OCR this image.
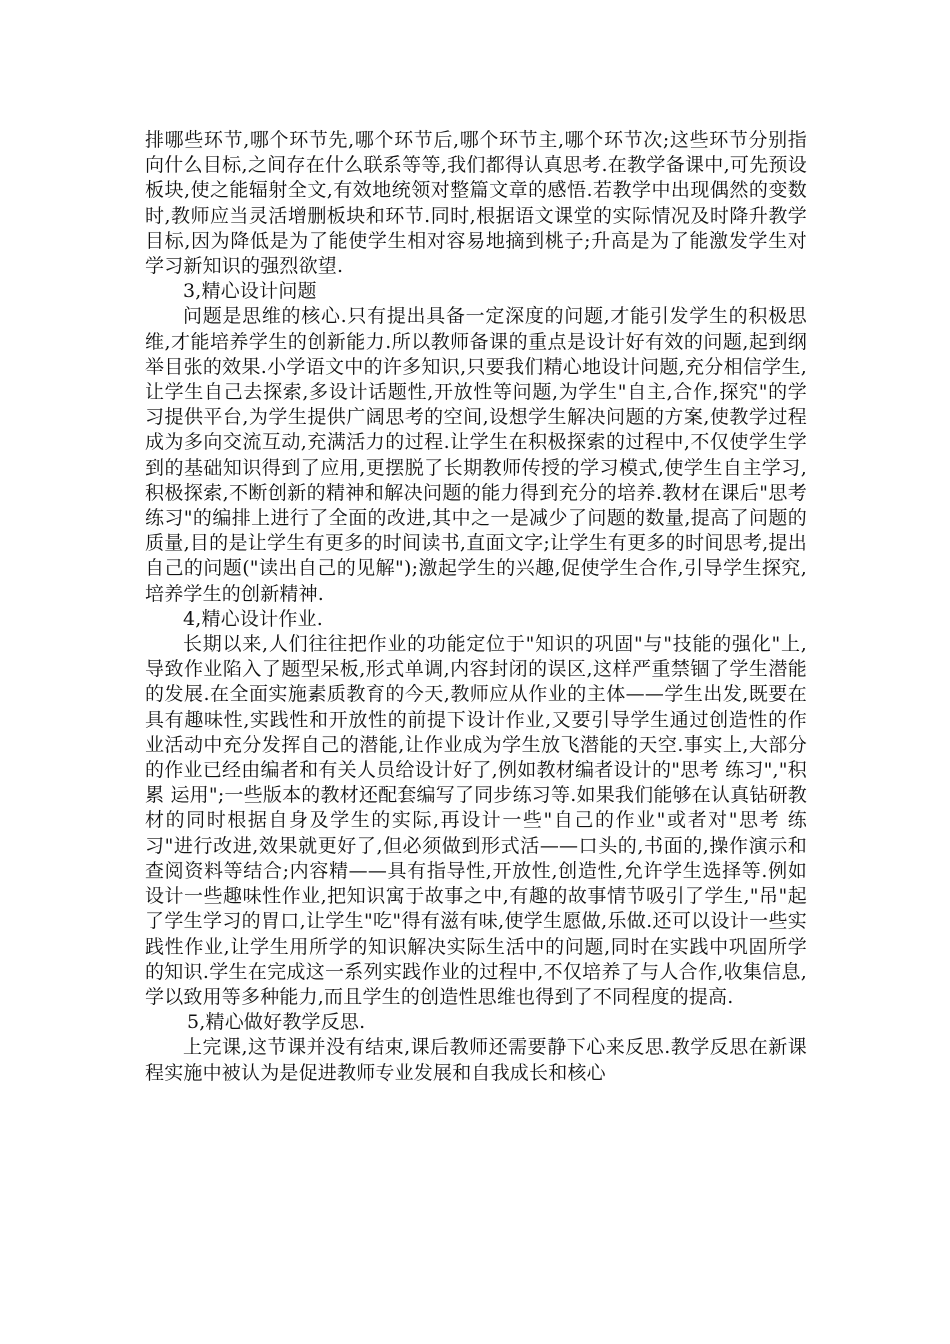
排哪些环节,哪个环节先,哪个环节后,哪个环节主,哪个环节次;这些环节分别指向什么目标,之间存在什么联系等等,我们都得认真思考.在教学备课中,可先预设板块,使之能辐射全文,有效地统领对整篇文章的感悟.若教学中出现偶然的变数时,教师应当灵活增删板块和环节.同时,根据语文课堂的实际情况及时降升教学目标,因为降低是为了能使学生相对容易地摘到桃子;升高是为了能激发学生对学习新知识的强烈欲望.

3,精心设计问题

问题是思维的核心.只有提出具备一定深度的问题,才能引发学生的积极思维,才能培养学生的创新能力.所以教师备课的重点是设计好有效的问题,起到纲举目张的效果.小学语文中的许多知识,只要我们精心地设计问题,充分相信学生,让学生自己去探索,多设计话题性,开放性等问题,为学生"自主,合作,探究"的学习提供平台,为学生提供广阔思考的空间,设想学生解决问题的方案,使教学过程成为多向交流互动,充满活力的过程.让学生在积极探索的过程中,不仅使学生学到的基础知识得到了应用,更摆脱了长期教师传授的学习模式,使学生自主学习,积极探索,不断创新的精神和解决问题的能力得到充分的培养.教材在课后"思考 练习"的编排上进行了全面的改进,其中之一是减少了问题的数量,提高了问题的质量,目的是让学生有更多的时间读书,直面文字;让学生有更多的时间思考,提出自己的问题("读出自己的见解");激起学生的兴趣,促使学生合作,引导学生探究,培养学生的创新精神.

4,精心设计作业.

长期以来,人们往往把作业的功能定位于"知识的巩固"与"技能的强化"上,导致作业陷入了题型呆板,形式单调,内容封闭的误区,这样严重禁锢了学生潜能的发展.在全面实施素质教育的今天,教师应从作业的主体——学生出发,既要在具有趣味性,实践性和开放性的前提下设计作业,又要引导学生通过创造性的作业活动中充分发挥自己的潜能,让作业成为学生放飞潜能的天空.事实上,大部分的作业已经由编者和有关人员给设计好了,例如教材编者设计的"思考 练习","积累 运用";一些版本的教材还配套编写了同步练习等.如果我们能够在认真钻研教材的同时根据自身及学生的实际,再设计一些"自己的作业"或者对"思考 练习"进行改进,效果就更好了,但必须做到形式活——口头的,书面的,操作演示和查阅资料等结合;内容精——具有指导性,开放性,创造性,允许学生选择等.例如设计一些趣味性作业,把知识寓于故事之中,有趣的故事情节吸引了学生,"吊"起了学生学习的胃口,让学生"吃"得有滋有味,使学生愿做,乐做.还可以设计一些实践性作业,让学生用所学的知识解决实际生活中的问题,同时在实践中巩固所学的知识.学生在完成这一系列实践作业的过程中,不仅培养了与人合作,收集信息,学以致用等多种能力,而且学生的创造性思维也得到了不同程度的提高.

5,精心做好教学反思.

上完课,这节课并没有结束,课后教师还需要静下心来反思.教学反思在新课程实施中被认为是促进教师专业发展和自我成长和核心
